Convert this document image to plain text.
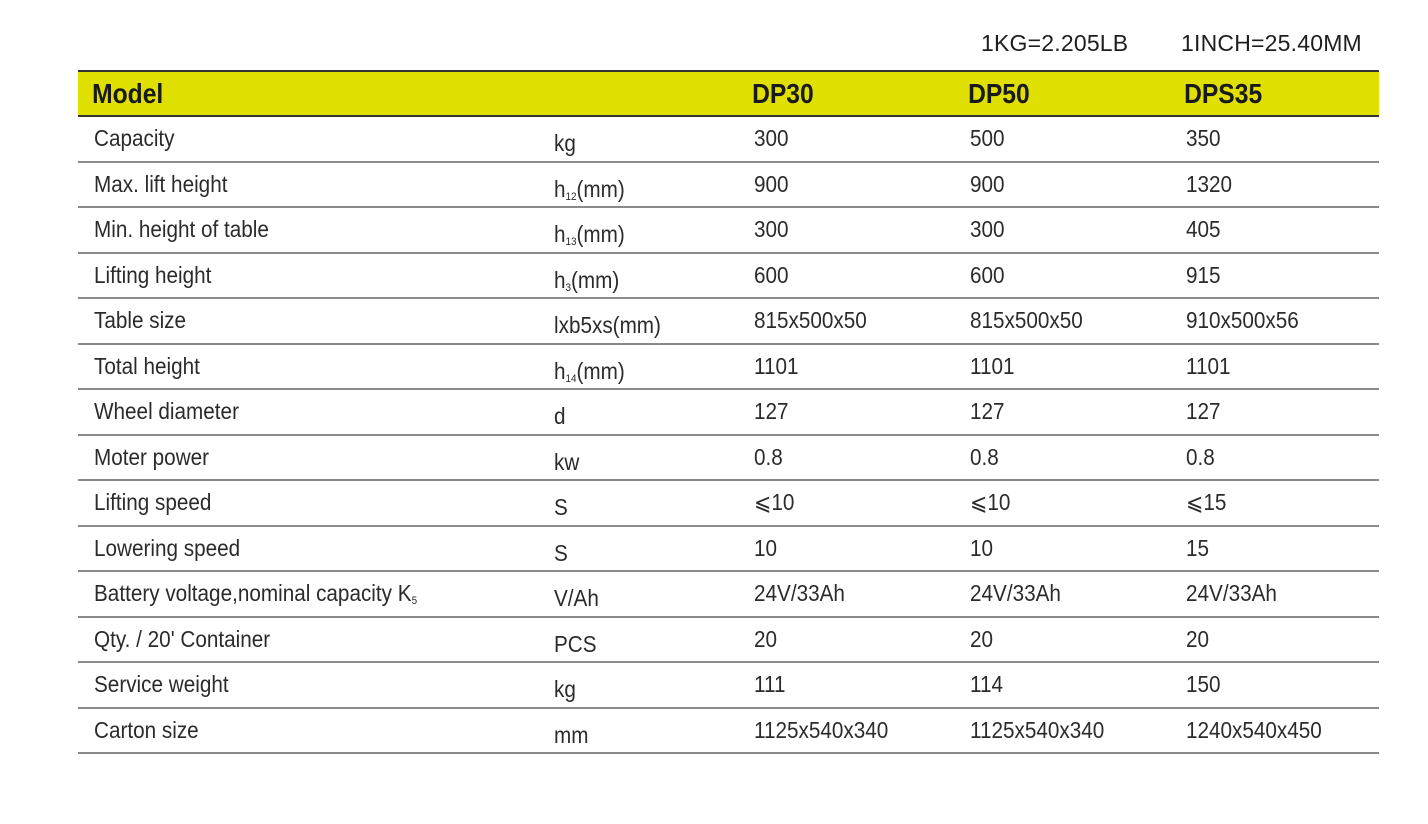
1KG=2.205LB 1INCH=25.40MM
Model		DP30	DP50	DPS35
Capacity	kg	300	500	350
Max. lift height	$h_{12}(mm)$	900	900	1320
Min. height of table	$h_{13}(mm)$	300	300	405
Lifting height	$h_3(mm)$	600	600	915
Table size	lxb5xs(mm)	815x500x50	815x500x50	910x500x56
Total height	$h_{14}(mm)$	1101	1101	1101
Wheel diameter	d	127	127	127
Moter power	kw	0.8	0.8	0.8
Lifting speed	S	⩽10	⩽10	⩽15
Lowering speed	S	10	10	15
Battery voltage,nominal capacity $K_5$	V/Ah	24V/33Ah	24V/33Ah	24V/33Ah
Qty. / 20' Container	PCS	20	20	20
Service weight	kg	111	114	150
Carton size	mm	1125x540x340	1125x540x340	1240x540x450
